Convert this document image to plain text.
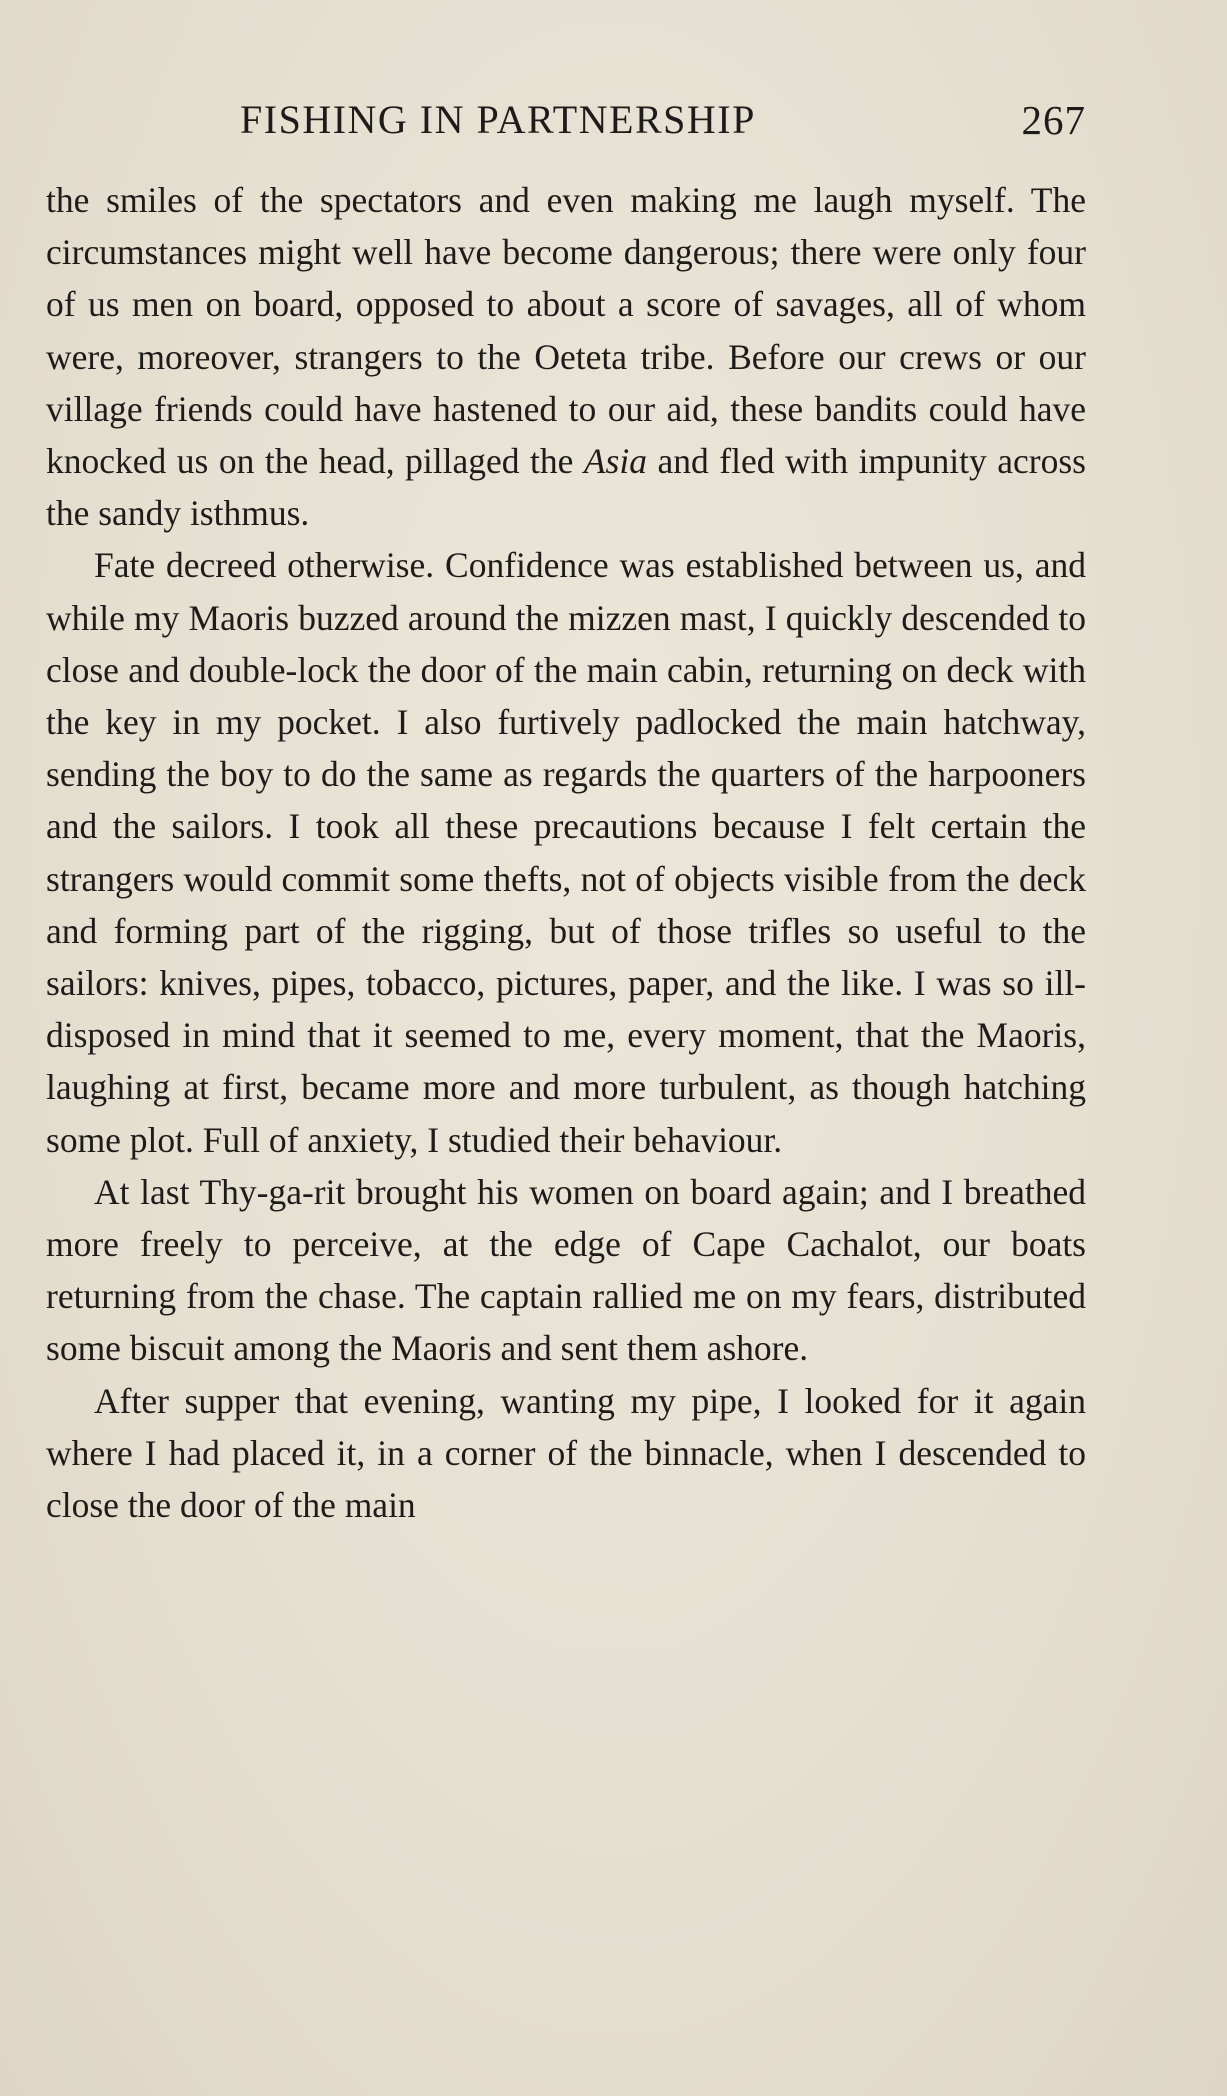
FISHING IN PARTNERSHIP	267

the smiles of the spectators and even making me laugh myself. The circumstances might well have become dangerous; there were only four of us men on board, opposed to about a score of savages, all of whom were, moreover, strangers to the Oeteta tribe. Before our crews or our village friends could have hastened to our aid, these bandits could have knocked us on the head, pillaged the Asia and fled with impunity across the sandy isthmus.

Fate decreed otherwise. Confidence was established between us, and while my Maoris buzzed around the mizzen mast, I quickly descended to close and double-lock the door of the main cabin, returning on deck with the key in my pocket. I also furtively padlocked the main hatchway, sending the boy to do the same as regards the quarters of the harpooners and the sailors. I took all these precautions because I felt certain the strangers would commit some thefts, not of objects visible from the deck and forming part of the rigging, but of those trifles so useful to the sailors: knives, pipes, tobacco, pictures, paper, and the like. I was so ill-disposed in mind that it seemed to me, every moment, that the Maoris, laughing at first, became more and more turbulent, as though hatching some plot. Full of anxiety, I studied their behaviour.

At last Thy-ga-rit brought his women on board again; and I breathed more freely to perceive, at the edge of Cape Cachalot, our boats returning from the chase. The captain rallied me on my fears, distributed some biscuit among the Maoris and sent them ashore.

After supper that evening, wanting my pipe, I looked for it again where I had placed it, in a corner of the binnacle, when I descended to close the door of the main
